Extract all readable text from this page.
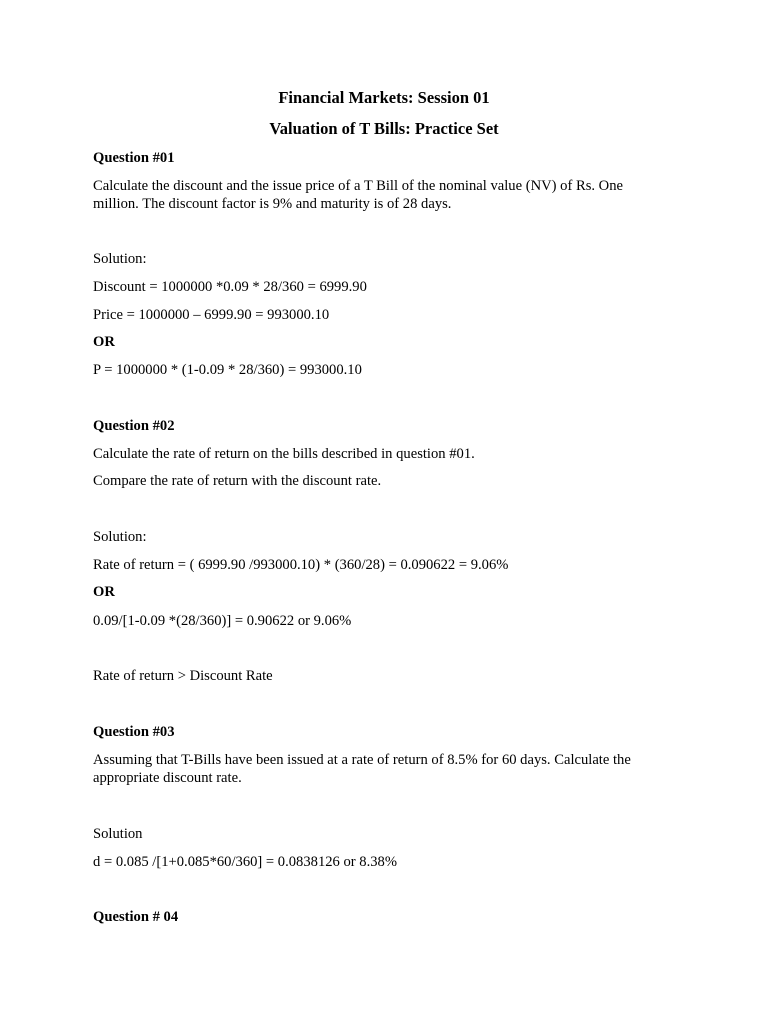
Financial Markets: Session 01
Valuation of T Bills: Practice Set
Question #01
Calculate the discount and the issue price of a T Bill of the nominal value (NV) of Rs. One
million. The discount factor is 9% and maturity is of 28 days.
Solution:
Discount = 1000000 *0.09 * 28/360 = 6999.90
Price = 1000000 – 6999.90 = 993000.10
OR
P = 1000000 * (1-0.09 * 28/360) = 993000.10
Question #02
Calculate the rate of return on the bills described in question #01.
Compare the rate of return with the discount rate.
Solution:
Rate of return = ( 6999.90 /993000.10) * (360/28) = 0.090622 = 9.06%
OR
0.09/[1-0.09 *(28/360)] = 0.90622 or 9.06%
Rate of return > Discount Rate
Question #03
Assuming that T-Bills have been issued at a rate of return of 8.5% for 60 days. Calculate the
appropriate discount rate.
Solution
d = 0.085 /[1+0.085*60/360] = 0.0838126 or 8.38%
Question # 04
